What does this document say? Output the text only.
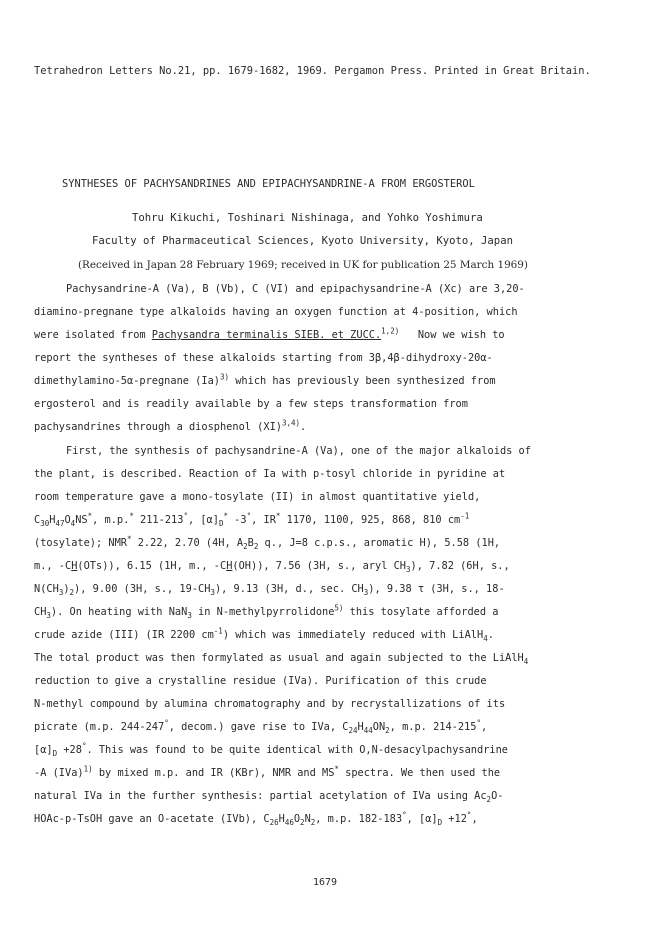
Tetrahedron Letters No.21, pp. 1679-1682, 1969. Pergamon Press. Printed in Great Britain.
SYNTHESES OF PACHYSANDRINES AND EPIPACHYSANDRINE-A FROM ERGOSTEROL
Tohru Kikuchi, Toshinari Nishinaga, and Yohko Yoshimura
Faculty of Pharmaceutical Sciences, Kyoto University, Kyoto, Japan
(Received in Japan 28 February 1969; received in UK for publication 25 March 1969)
Pachysandrine-A (Va), B (Vb), C (VI) and epipachysandrine-A (Xc) are 3,20-
diamino-pregnane type alkaloids having an oxygen function at 4-position, which
were isolated from Pachysandra terminalis SIEB. et ZUCC.$^{1,2)}$ Now we wish to
report the syntheses of these alkaloids starting from 3β,4β-dihydroxy-20α-
dimethylamino-5α-pregnane $(Ia)^{3)}$ which has previously been synthesized from
ergosterol and is readily available by a few steps transformation from
pachysandrines through a diosphenol (XI)$^{3,4)}$.
First, the synthesis of pachysandrine-A (Va), one of the major alkaloids of
the plant, is described. Reaction of Ia with p-tosyl chloride in pyridine at
room temperature gave a mono-tosylate (II) in almost quantitative yield,
$C_{30}H_{47}O_4NS^*$, m.p.* 211-213°, $[\alpha]_D^*$ -3°, IR* 1170, 1100, 925, 868, 810 $cm^{-1}$
(tosylate); NMR* 2.22, 2.70 (4H, $A_2B_2$ q., J=8 c.p.s., aromatic H), 5.58 (1H,
m., -CH(OTs)), 6.15 (1H, m., -CH(OH)), 7.56 (3H, s., aryl $CH_3$), 7.82 (6H, s.,
$N(CH_3)_2$), 9.00 (3H, s., $19-CH_3$), 9.13 (3H, d., sec. $CH_3$), 9.38 τ (3H, s., 18-
$CH_3$). On heating with NaN$_3$ in N-methylpyrrolidone$^{5)}$ this tosylate afforded a
crude azide (III) (IR 2200 $cm^{-1}$) which was immediately reduced with LiAlH$_4$.
The total product was then formylated as usual and again subjected to the LiAlH$_4$
reduction to give a crystalline residue (IVa). Purification of this crude
N-methyl compound by alumina chromatography and by recrystallizations of its
picrate (m.p. 244-247°, decom.) gave rise to IVa, $C_{24}H_{44}ON_2$, m.p. 214-215°,
$[\alpha]_D +28^\circ$. This was found to be quite identical with O,N-desacylpachysandrine
-A (IVa)$^{1)}$ by mixed m.p. and IR (KBr), NMR and MS* spectra. We then used the
natural IVa in the further synthesis: partial acetylation of IVa using $Ac_2O-$
HOAc-p-TsOH gave an O-acetate (IVb), $C_{26}H_{46}O_2N_2$, m.p. 182-183°, $[\alpha]_D +12^\circ$,
1679
